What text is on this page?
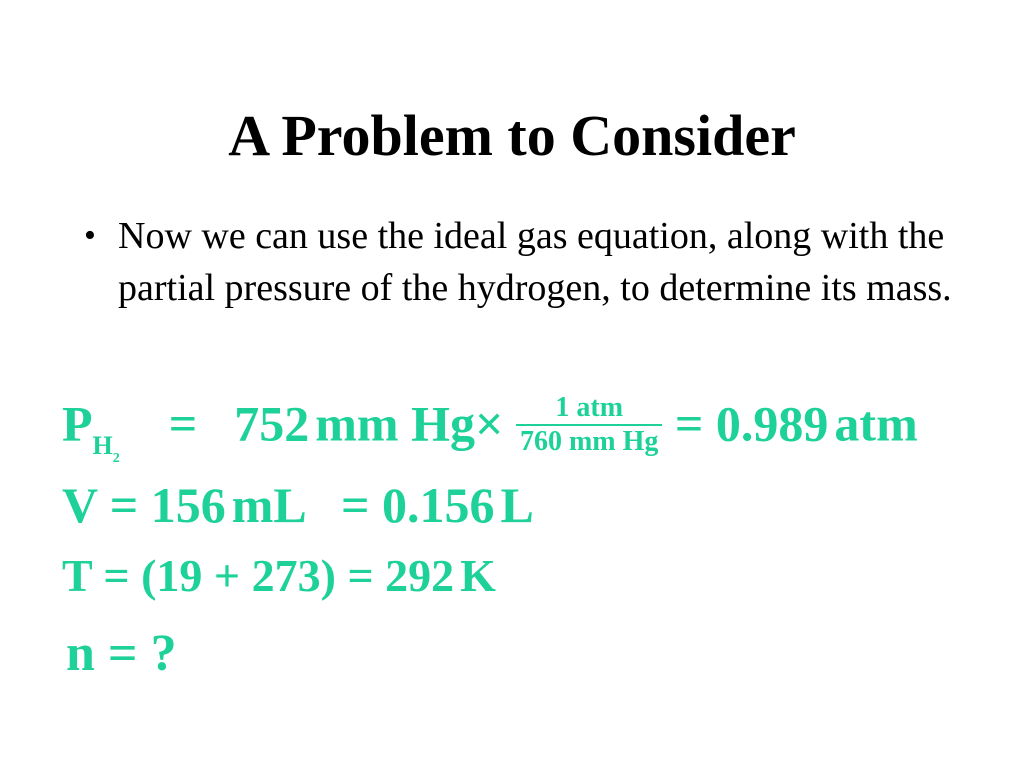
A Problem to Consider
• Now we can use the ideal gas equation, along with the partial pressure of the hydrogen, to determine its mass.
$P_{H_2} = 752$ mm $Hg\times \frac{\text{1 atm}}{\text{760 mm Hg}} = 0.989$ atm
V = 156 mL = 0.156 L
T = (19 + 273) = 292 K
n = ?
